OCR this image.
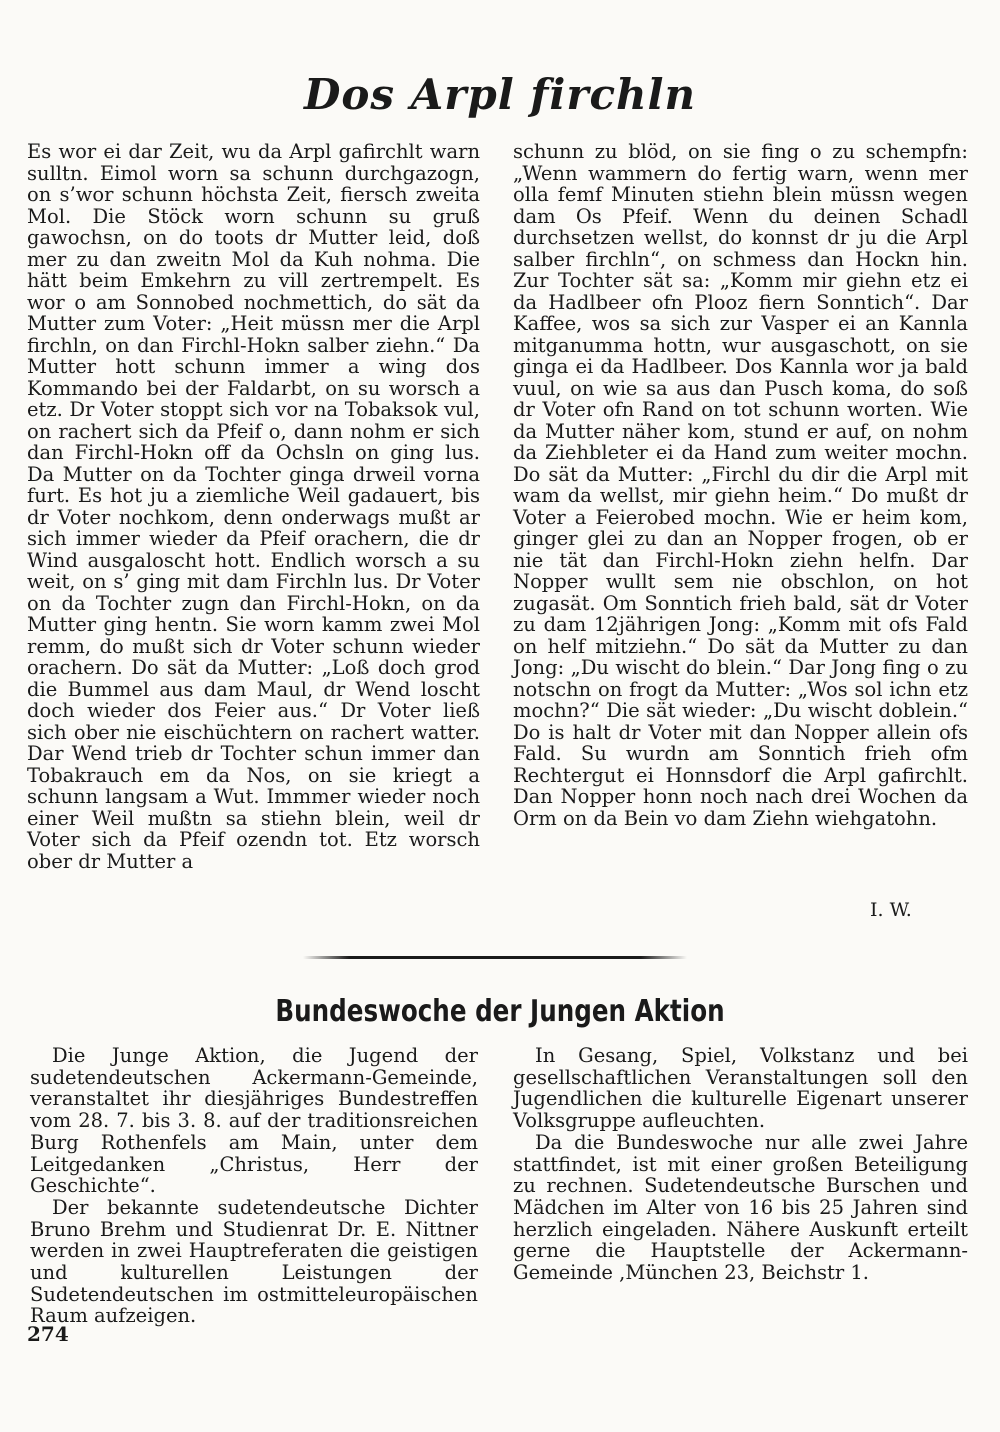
Dos Arpl firchln

Es wor ei dar Zeit, wu da Arpl gafirchlt warn sulltn. Eimol worn sa schunn durchgazogn, on s’wor schunn höchsta Zeit, fiersch zweita Mol. Die Stöck worn schunn su gruß gawochsn, on do toots dr Mutter leid, doß mer zu dan zweitn Mol da Kuh nohma. Die hätt beim Emkehrn zu vill zertrempelt. Es wor o am Sonnobed nochmettich, do sät da Mutter zum Voter: „Heit müssn mer die Arpl firchln, on dan Firchl-Hokn salber ziehn.“ Da Mutter hott schunn immer a wing dos Kommando bei der Faldarbt, on su worsch a etz. Dr Voter stoppt sich vor na Tobaksok vul, on rachert sich da Pfeif o, dann nohm er sich dan Firchl-Hokn off da Ochsln on ging lus. Da Mutter on da Tochter ginga drweil vorna furt. Es hot ju a ziemliche Weil gadauert, bis dr Voter nochkom, denn onderwags mußt ar sich immer wieder da Pfeif orachern, die dr Wind ausgaloscht hott. Endlich worsch a su weit, on s’ ging mit dam Firchln lus. Dr Voter on da Tochter zugn dan Firchl-Hokn, on da Mutter ging hentn. Sie worn kamm zwei Mol remm, do mußt sich dr Voter schunn wieder orachern. Do sät da Mutter: „Loß doch grod die Bummel aus dam Maul, dr Wend loscht doch wieder dos Feier aus.“ Dr Voter ließ sich ober nie eischüchtern on rachert watter. Dar Wend trieb dr Tochter schun immer dan Tobakrauch em da Nos, on sie kriegt a schunn langsam a Wut. Immmer wieder noch einer Weil mußtn sa stiehn blein, weil dr Voter sich da Pfeif ozendn tot. Etz worsch ober dr Mutter a

schunn zu blöd, on sie fing o zu schempfn: „Wenn wammern do fertig warn, wenn mer olla femf Minuten stiehn blein müssn wegen dam Os Pfeif. Wenn du deinen Schadl durchsetzen wellst, do konnst dr ju die Arpl salber firchln“, on schmess dan Hockn hin. Zur Tochter sät sa: „Komm mir giehn etz ei da Hadlbeer ofn Plooz fiern Sonntich“. Dar Kaffee, wos sa sich zur Vasper ei an Kannla mitganumma hottn, wur ausgaschott, on sie ginga ei da Hadlbeer. Dos Kannla wor ja bald vuul, on wie sa aus dan Pusch koma, do soß dr Voter ofn Rand on tot schunn worten. Wie da Mutter näher kom, stund er auf, on nohm da Ziehbleter ei da Hand zum weiter mochn. Do sät da Mutter: „Firchl du dir die Arpl mit wam da wellst, mir giehn heim.“ Do mußt dr Voter a Feierobed mochn. Wie er heim kom, ginger glei zu dan an Nopper frogen, ob er nie tät dan Firchl-Hokn ziehn helfn. Dar Nopper wullt sem nie obschlon, on hot zugasät. Om Sonntich frieh bald, sät dr Voter zu dam 12jährigen Jong: „Komm mit ofs Fald on helf mitziehn.“ Do sät da Mutter zu dan Jong: „Du wischt do blein.“ Dar Jong fing o zu notschn on frogt da Mutter: „Wos sol ichn etz mochn?“ Die sät wieder: „Du wischt doblein.“ Do is halt dr Voter mit dan Nopper allein ofs Fald. Su wurdn am Sonntich frieh ofm Rechtergut ei Honnsdorf die Arpl gafirchlt. Dan Nopper honn noch nach drei Wochen da Orm on da Bein vo dam Ziehn wiehgatohn.

I. W.

Bundeswoche der Jungen Aktion

Die Junge Aktion, die Jugend der sudetendeutschen Ackermann-Gemeinde, veranstaltet ihr diesjähriges Bundestreffen vom 28. 7. bis 3. 8. auf der traditionsreichen Burg Rothenfels am Main, unter dem Leitgedanken „Christus, Herr der Geschichte“.

Der bekannte sudetendeutsche Dichter Bruno Brehm und Studienrat Dr. E. Nittner werden in zwei Hauptreferaten die geistigen und kulturellen Leistungen der Sudetendeutschen im ostmitteleuropäischen Raum aufzeigen.

In Gesang, Spiel, Volkstanz und bei gesellschaftlichen Veranstaltungen soll den Jugendlichen die kulturelle Eigenart unserer Volksgruppe aufleuchten.

Da die Bundeswoche nur alle zwei Jahre stattfindet, ist mit einer großen Beteiligung zu rechnen. Sudetendeutsche Burschen und Mädchen im Alter von 16 bis 25 Jahren sind herzlich eingeladen. Nähere Auskunft erteilt gerne die Hauptstelle der Ackermann-Gemeinde ,München 23, Beichstr 1.

274
